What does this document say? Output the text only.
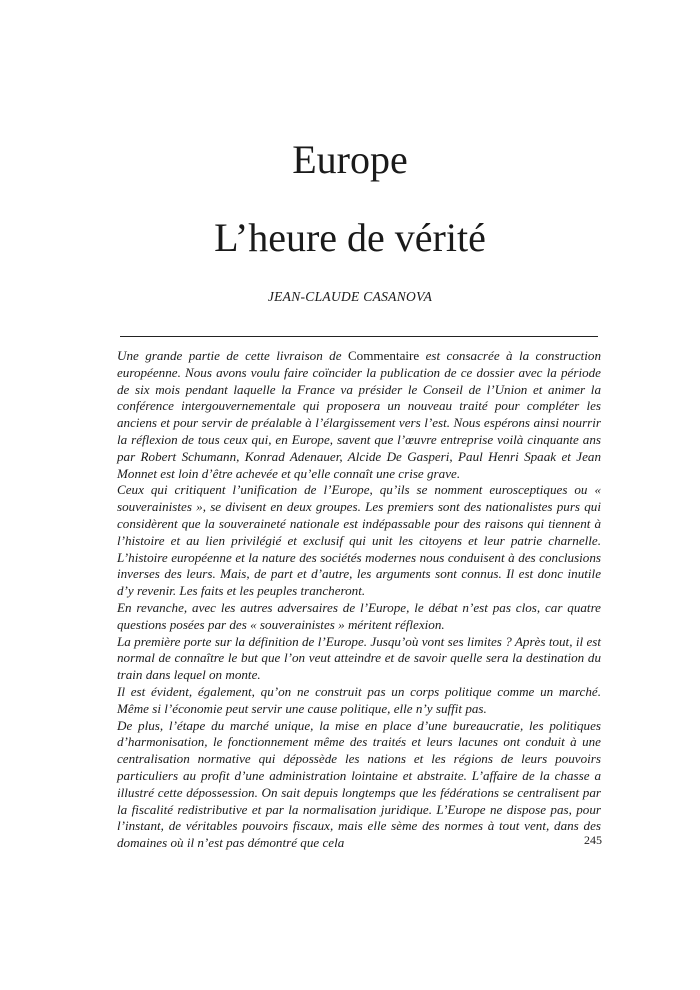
Europe
L’heure de vérité
JEAN-CLAUDE CASANOVA

Une grande partie de cette livraison de Commentaire est consacrée à la construction européenne. Nous avons voulu faire coïncider la publication de ce dossier avec la période de six mois pendant laquelle la France va présider le Conseil de l’Union et animer la conférence intergouvernementale qui proposera un nouveau traité pour compléter les anciens et pour servir de préalable à l’élargissement vers l’est. Nous espérons ainsi nourrir la réflexion de tous ceux qui, en Europe, savent que l’œuvre entreprise voilà cinquante ans par Robert Schumann, Konrad Adenauer, Alcide De Gasperi, Paul Henri Spaak et Jean Monnet est loin d’être achevée et qu’elle connaît une crise grave.

Ceux qui critiquent l’unification de l’Europe, qu’ils se nomment eurosceptiques ou « souverainistes », se divisent en deux groupes. Les premiers sont des nationalistes purs qui considèrent que la souveraineté nationale est indépassable pour des raisons qui tiennent à l’histoire et au lien privilégié et exclusif qui unit les citoyens et leur patrie charnelle. L’histoire européenne et la nature des sociétés modernes nous conduisent à des conclusions inverses des leurs. Mais, de part et d’autre, les arguments sont connus. Il est donc inutile d’y revenir. Les faits et les peuples trancheront.

En revanche, avec les autres adversaires de l’Europe, le débat n’est pas clos, car quatre questions posées par des « souverainistes » méritent réflexion.

La première porte sur la définition de l’Europe. Jusqu’où vont ses limites ? Après tout, il est normal de connaître le but que l’on veut atteindre et de savoir quelle sera la destination du train dans lequel on monte.

Il est évident, également, qu’on ne construit pas un corps politique comme un marché. Même si l’économie peut servir une cause politique, elle n’y suffit pas.

De plus, l’étape du marché unique, la mise en place d’une bureaucratie, les politiques d’harmonisation, le fonctionnement même des traités et leurs lacunes ont conduit à une centralisation normative qui dépossède les nations et les régions de leurs pouvoirs particuliers au profit d’une administration lointaine et abstraite. L’affaire de la chasse a illustré cette dépossession. On sait depuis longtemps que les fédérations se centralisent par la fiscalité redistributive et par la normalisation juridique. L’Europe ne dispose pas, pour l’instant, de véritables pouvoirs fiscaux, mais elle sème des normes à tout vent, dans des domaines où il n’est pas démontré que cela	245
